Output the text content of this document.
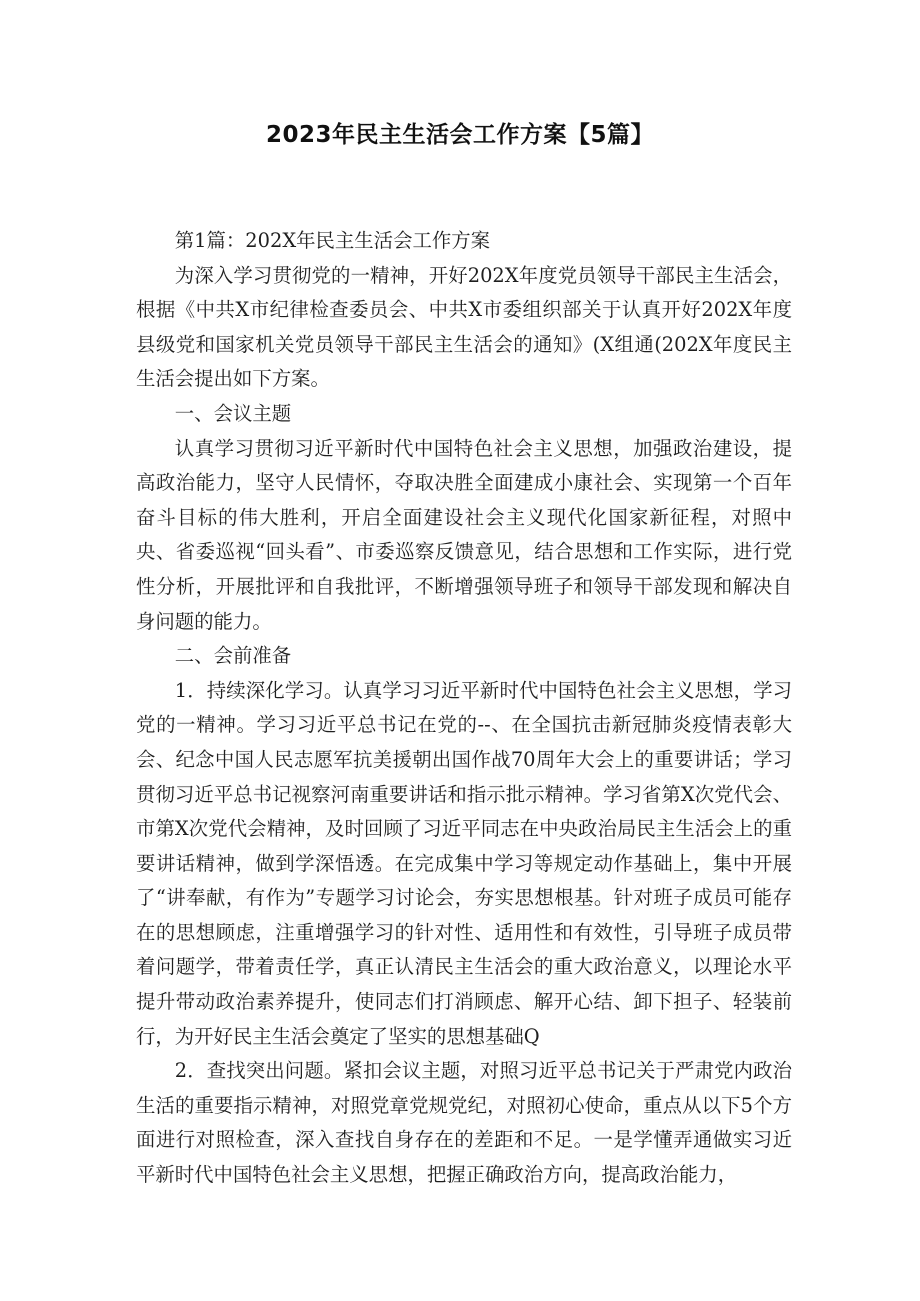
2023年民主生活会工作方案【5篇】

第1篇：202X年民主生活会工作方案

为深入学习贯彻党的一精神，开好202X年度党员领导干部民主生活会，根据《中共X市纪律检查委员会、中共X市委组织部关于认真开好202X年度县级党和国家机关党员领导干部民主生活会的通知》(X组通(202X年度民主生活会提出如下方案。

一、会议主题

认真学习贯彻习近平新时代中国特色社会主义思想，加强政治建设，提高政治能力，坚守人民情怀，夺取决胜全面建成小康社会、实现第一个百年奋斗目标的伟大胜利，开启全面建设社会主义现代化国家新征程，对照中央、省委巡视“回头看”、市委巡察反馈意见，结合思想和工作实际，进行党性分析，开展批评和自我批评，不断增强领导班子和领导干部发现和解决自身问题的能力。

二、会前准备

1．持续深化学习。认真学习习近平新时代中国特色社会主义思想，学习党的一精神。学习习近平总书记在党的--、在全国抗击新冠肺炎疫情表彰大会、纪念中国人民志愿军抗美援朝出国作战70周年大会上的重要讲话；学习贯彻习近平总书记视察河南重要讲话和指示批示精神。学习省第X次党代会、市第X次党代会精神，及时回顾了习近平同志在中央政治局民主生活会上的重要讲话精神，做到学深悟透。在完成集中学习等规定动作基础上，集中开展了“讲奉献，有作为”专题学习讨论会，夯实思想根基。针对班子成员可能存在的思想顾虑，注重增强学习的针对性、适用性和有效性，引导班子成员带着问题学，带着责任学，真正认清民主生活会的重大政治意义，以理论水平提升带动政治素养提升，使同志们打消顾虑、解开心结、卸下担子、轻装前行，为开好民主生活会奠定了坚实的思想基础Q

2．查找突出问题。紧扣会议主题，对照习近平总书记关于严肃党内政治生活的重要指示精神，对照党章党规党纪，对照初心使命，重点从以下5个方面进行对照检查，深入查找自身存在的差距和不足。一是学懂弄通做实习近平新时代中国特色社会主义思想，把握正确政治方向，提高政治能力，
